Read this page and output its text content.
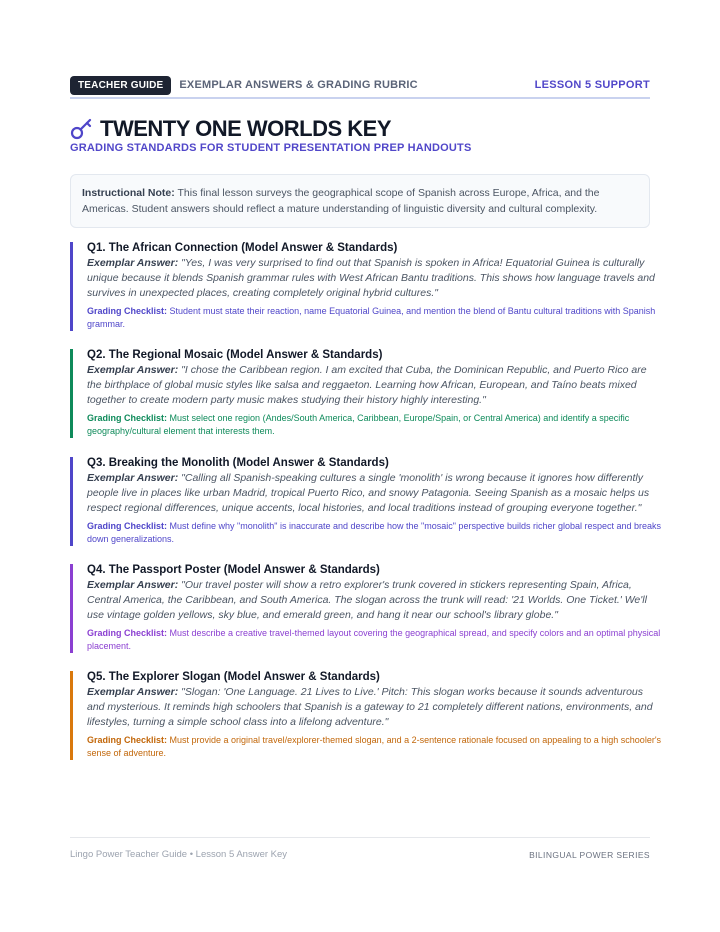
TEACHER GUIDE	EXEMPLAR ANSWERS & GRADING RUBRIC	LESSON 5 SUPPORT
TWENTY ONE WORLDS KEY
GRADING STANDARDS FOR STUDENT PRESENTATION PREP HANDOUTS
Instructional Note: This final lesson surveys the geographical scope of Spanish across Europe, Africa, and the Americas. Student answers should reflect a mature understanding of linguistic diversity and cultural complexity.
Q1. The African Connection (Model Answer & Standards)
Exemplar Answer: "Yes, I was very surprised to find out that Spanish is spoken in Africa! Equatorial Guinea is culturally unique because it blends Spanish grammar rules with West African Bantu traditions. This shows how language travels and survives in unexpected places, creating completely original hybrid cultures."
Grading Checklist: Student must state their reaction, name Equatorial Guinea, and mention the blend of Bantu cultural traditions with Spanish grammar.
Q2. The Regional Mosaic (Model Answer & Standards)
Exemplar Answer: "I chose the Caribbean region. I am excited that Cuba, the Dominican Republic, and Puerto Rico are the birthplace of global music styles like salsa and reggaeton. Learning how African, European, and Taíno beats mixed together to create modern party music makes studying their history highly interesting."
Grading Checklist: Must select one region (Andes/South America, Caribbean, Europe/Spain, or Central America) and identify a specific geography/cultural element that interests them.
Q3. Breaking the Monolith (Model Answer & Standards)
Exemplar Answer: "Calling all Spanish-speaking cultures a single 'monolith' is wrong because it ignores how differently people live in places like urban Madrid, tropical Puerto Rico, and snowy Patagonia. Seeing Spanish as a mosaic helps us respect regional differences, unique accents, local histories, and local traditions instead of grouping everyone together."
Grading Checklist: Must define why "monolith" is inaccurate and describe how the "mosaic" perspective builds richer global respect and breaks down generalizations.
Q4. The Passport Poster (Model Answer & Standards)
Exemplar Answer: "Our travel poster will show a retro explorer's trunk covered in stickers representing Spain, Africa, Central America, the Caribbean, and South America. The slogan across the trunk will read: '21 Worlds. One Ticket.' We'll use vintage golden yellows, sky blue, and emerald green, and hang it near our school's library globe."
Grading Checklist: Must describe a creative travel-themed layout covering the geographical spread, and specify colors and an optimal physical placement.
Q5. The Explorer Slogan (Model Answer & Standards)
Exemplar Answer: "Slogan: 'One Language. 21 Lives to Live.' Pitch: This slogan works because it sounds adventurous and mysterious. It reminds high schoolers that Spanish is a gateway to 21 completely different nations, environments, and lifestyles, turning a simple school class into a lifelong adventure."
Grading Checklist: Must provide a original travel/explorer-themed slogan, and a 2-sentence rationale focused on appealing to a high schooler's sense of adventure.
Lingo Power Teacher Guide • Lesson 5 Answer Key	BILINGUAL POWER SERIES
